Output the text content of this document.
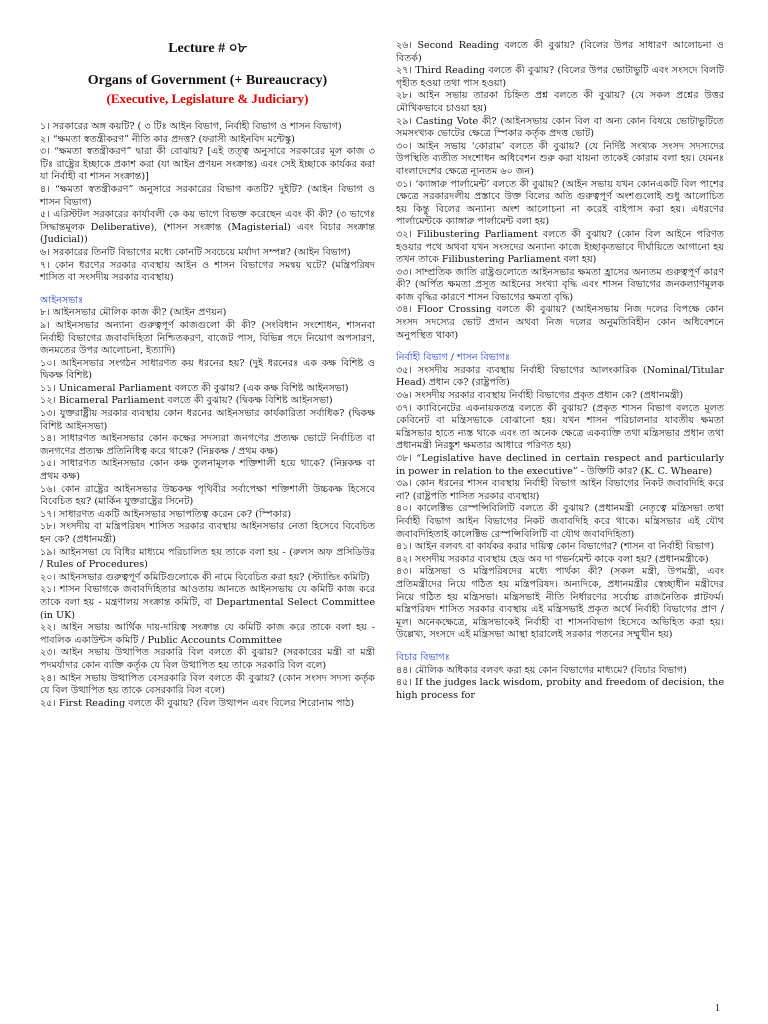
Lecture # ০৮

Organs of Government (+ Bureaucracy)

(Executive, Legislature & Judiciary)

১। সরকারের অঙ্গ কয়টি? ( ৩ টিঃ আইন বিভাগ, নির্বাহী বিভাগ ও শাসন বিভাগ)

২। “ক্ষমতা স্বতন্ত্রীকরণ” নীতি কার প্রদত্ত? (ফরাসী আইনবিদ মন্টেস্কু)

৩। “ক্ষমতা স্বতন্ত্রীকরণ” দ্বারা কী বোঝায়? [এই তত্ত্ব অনুসারে সরকারের মূল কাজ ৩ টিঃ রাষ্ট্রের ইচ্ছাকে প্রকাশ করা (যা আইন প্রণয়ন সংক্রান্ত) এবং সেই ইচ্ছাকে কার্যকর করা যা নির্বাহী বা শাসন সংক্রান্ত)]

৪। “ক্ষমতা স্বতন্ত্রীকরণ” অনুসারে সরকারের বিভাগ কতটি? দুইটি? (আইন বিভাগ ও শাসন বিভাগ)

৫। এরিস্টটল সরকারের কার্যাবলী কে কয় ভাগে বিভক্ত করেছেন এবং কী কী? (৩ ভাগেঃ সিদ্ধান্তমূলক Deliberative), (শাসন সংক্রান্ত (Magisterial) এবং বিচার সংক্রান্ত (Judicial))

৬। সরকারের তিনটি বিভাগের মধ্যে কোনটি সবচেয়ে মর্যাদা সম্পন্ন? (আইন বিভাগ)

৭। কোন ধরণের সরকার ব্যবস্থায় আইন ও শাসন বিভাগের সমন্বয় ঘটে? (মন্ত্রিপরিষদ শাসিত বা সংসদীয় সরকার ব্যবস্থায়)

আইনসভাঃ

৮। আইনসভার মৌলিক কাজ কী? (আইন প্রণয়ন)

৯। আইনসভার অন্যান্য গুরুত্বপূর্ণ কাজগুলো কী কী? (সংবিধান সংশোধন, শাসনবা নির্বাহী বিভাগের জবাবদিহিতা নিশ্চিতকরণ, বাজেট পাস, বিভিন্ন পদে নিয়োগ অপসারণ, জনমতের উপর আলোচনা, ইত্যাদি)

১০। আইনসভার সংগঠন সাধারণত কয় ধরনের হয়? (দুই ধরনেরঃ এক কক্ষ বিশিষ্ট ও দ্বিকক্ষ বিশিষ্ট)

১১। Unicameral Parliament বলতে কী বুঝায়? (এক কক্ষ বিশিষ্ট আইনসভা)

১২। Bicameral Parliament বলতে কী বুঝায়? (দ্বিকক্ষ বিশিষ্ট আইনসভা)

১৩। যুক্তরাষ্ট্রীয় সরকার ব্যবস্থায় কোন ধরনের আইনসভার কার্যকারিতা সর্বাধিক? (দ্বিকক্ষ বিশিষ্ট আইনসভা)

১৪। সাধারণত আইনসভার কোন কক্ষের সদস্যরা জনগণের প্রত্যক্ষ ভোটে নির্বাচিত বা জনগণের প্রত্যক্ষ প্রতিনিধিত্ব করে থাকে? (নিম্নকক্ষ / প্রথম কক্ষ)

১৫। সাধারণত আইনসভার কোন কক্ষ তুলনামূলক শক্তিশালী হয়ে থাকে? (নিম্নকক্ষ বা প্রথম কক্ষ)

১৬। কোন রাষ্ট্রের আইনসভার উচ্চকক্ষ পৃথিবীর সর্বাপেক্ষা শক্তিশালী উচ্চকক্ষ হিসেবে বিবেচিত হয়? (মার্কিন যুক্তরাষ্ট্রের সিনেট)

১৭। সাধারণত একটি আইনসভার সভাপতিত্ব করেন কে? (স্পিকার)

১৮। সংসদীয় বা মন্ত্রিপরিষদ শাসিত সরকার ব্যবস্থায় আইনসভার নেতা হিসেবে বিবেচিত হন কে? (প্রধানমন্ত্রী)

১৯। আইনসভা যে বিধির মাধ্যমে পরিচালিত হয় তাকে বলা হয় - (রুলস অফ প্রসিডিউর / Rules of Procedures)

২০। আইনসভার গুরুত্বপূর্ণ কমিটিগুলোকে কী নামে বিবেচিত করা হয়? (স্ট্যান্ডিং কমিটি)

২১। শাসন বিভাগকে জবাবদিহিতার আওতায় আনতে আইনসভায় যে কমিটি কাজ করে তাকে বলা হয় - মন্ত্রণালয় সংক্রান্ত কমিটি, বা Departmental Select Committee (in UK)

২২। আইন সভায় আর্থিক দায়-দায়িত্ব সংক্রান্ত যে কমিটি কাজ করে তাকে বলা হয় - পাবলিক একাউন্টস কমিটি / Public Accounts Committee

২৩। আইন সভায় উত্থাপিত সরকারি বিল বলতে কী বুঝায়? (সরকারের মন্ত্রী বা মন্ত্রী পদমর্যাদার কোন ব্যক্তি কর্তৃক যে বিল উত্থাপিত হয় তাকে সরকারি বিল বলে)

২৪। আইন সভায় উত্থাপিত বেসরকারি বিল বলতে কী বুঝায়? (কোন সংসদ সদস্য কর্তৃক যে বিল উত্থাপিত হয় তাকে বেসরকারি বিল বলে)

২৫। First Reading বলতে কী বুঝায়? (বিল উত্থাপন এবং বিলের শিরোনাম পাঠ)

২৬। Second Reading বলতে কী বুঝায়? (বিলের উপর সাধারণ আলোচনা ও বিতর্ক)

২৭। Third Reading বলতে কী বুঝায়? (বিলের উপর ভোটাভুটি এবং সংসদে বিলটি গৃহীত হওয়া তথা পাস হওয়া)

২৮। আইন সভায় তারকা চিহ্নিত প্রশ্ন বলতে কী বুঝায়? (যে সকল প্রশ্নের উত্তর মৌখিকভাবে চাওয়া হয়)

২৯। Casting Vote কী? (আইনসভায় কোন বিল বা অন্য কোন বিষয়ে ভোটাভুটিতে সমসংখ্যক ভোটের ক্ষেত্রে স্পিকার কর্তৃক প্রদত্ত ভোট)

৩০। আইন সভায় ‘কোরাম’ বলতে কী বুঝায়? (যে নির্দিষ্ট সংখ্যক সংসদ সদস্যদের উপস্থিতি ব্যতীত সংশোধন অধিবেশন শুরু করা যায়না তাকেই কোরাম বলা হয়। যেমনঃ বাংলাদেশের ক্ষেত্রে ন্যূনতম ৬০ জন)

৩১। ‘ক্যাঙ্গারু পার্লামেন্ট’ বলতে কী বুঝায়? (আইন সভায় যখন কোনএকটি বিল পাশের ক্ষেত্রে সরকারদলীয় প্রস্তাবে উক্ত বিলের অতি গুরুত্বপূর্ণ অংশগুলোই শুধু আলোচিত হয় কিন্তু বিলের অন্যান্য অংশ আলোচনা না করেই বাইপাস করা হয়। এধরণের পার্লামেন্টকে ক্যাঙ্গারু পার্লামেন্ট বলা হয়)

৩২। Filibustering Parliament বলতে কী বুঝায়? (কোন বিল আইনে পরিণত হওয়ার পথে অথবা যখন সংসদের অন্যান্য কাজে ইচ্ছাকৃতভাবে দীর্ঘায়িতে আগানো হয় তখন তাকে Filibustering Parliament বলা হয়)

৩৩। সাম্প্রতিক জাতি রাষ্ট্রগুলোতে আইনসভার ক্ষমতা হ্রাসের অন্যতম গুরুত্বপূর্ণ কারণ কী? (অর্পিত ক্ষমতা প্রসূত আইনের সংখ্যা বৃদ্ধি এবং শাসন বিভাগের জনকল্যাণমূলক কাজ বৃদ্ধির কারণে শাসন বিভাগের ক্ষমতা বৃদ্ধি)

৩৪। Floor Crossing বলতে কী বুঝায়? (আইনসভায় নিজ দলের বিপক্ষে কোন সংসদ সদস্যের ভোট প্রদান অথবা নিজ দলের অনুমতিবিহীন কোন অধিবেশনে অনুপস্থিত থাকা)

নির্বাহী বিভাগ / শাসন বিভাগঃ

৩৫। সংসদীয় সরকার ব্যবস্থায় নির্বাহী বিভাগের আলংকারিক (Nominal/Titular Head) প্রধান কে? (রাষ্ট্রপতি)

৩৬। সংসদীয় সরকার ব্যবস্থায় নির্বাহী বিভাগের প্রকৃত প্রধান কে? (প্রধানমন্ত্রী)

৩৭। ক্যাবিনেটের একনায়কতন্ত্র বলতে কী বুঝায়? (প্রকৃত শাসন বিভাগ বলতে মূলত কেবিনেট বা মন্ত্রিসভাকে বোঝানো হয়। যখন শাসন পরিচালনার যাবতীয় ক্ষমতা মন্ত্রিসভার হাতে ন্যস্ত থাকে এবং তা অনেক ক্ষেত্রে একব্যক্তি তথা মন্ত্রিসভার প্রধান তথা প্রধানমন্ত্রী নিরঙ্কুশ ক্ষমতার আধারে পরিণত হয়)

৩৮। “Legislative have declined in certain respect and particularly in power in relation to the executive” - উক্তিটি কার? (K. C. Wheare)

৩৯। কোন ধরনের শাসন ব্যবস্থায় নির্বাহী বিভাগ আইন বিভাগের নিকট জবাবদিহি করে না? (রাষ্ট্রপতি শাসিত সরকার ব্যবস্থায়)

৪০। কালেক্টিভ রেস্পন্সিবিলিটি বলতে কী বুঝায়? (প্রধানমন্ত্রী নেতৃত্বে মন্ত্রিসভা তথা নির্বাহী বিভাগ আইন বিভাগের নিকট জবাবদিহি করে থাকে। মন্ত্রিসভার এই যৌথ জবাবদিহিতাই কালেক্টিভ রেস্পন্সিবিলিটি বা যৌথ জবাবদিহিতা)

৪১। আইন বলবৎ বা কার্যকর করার দায়িত্ব কোন বিভাগের? (শাসন বা নির্বাহী বিভাগ)

৪২। সংসদীয় সরকার ব্যবস্থায় হেড অব দা গভর্নমেন্ট কাকে বলা হয়? (প্রধানমন্ত্রীকে)

৪৩। মন্ত্রিসভা ও মন্ত্রিপরিষদের মধ্যে পার্থক্য কী? (সকল মন্ত্রী, উপমন্ত্রী, এবং প্রতিমন্ত্রীদের নিয়ে গঠিত হয় মন্ত্রিপরিষদ। অন্যদিকে, প্রধানমন্ত্রীর স্বেচ্ছাধীন মন্ত্রীদের নিয়ে গঠিত হয় মন্ত্রিসভা। মন্ত্রিসভাই নীতি নির্ধারণের সর্বোচ্চ রাজনৈতিক প্লাটফর্ম। মন্ত্রিপরিষদ শাসিত সরকার ব্যবস্থায় এই মন্ত্রিসভাই প্রকৃত অর্থে নির্বাহী বিভাগের প্রাণ / মূল। অনেকক্ষেত্রে, মন্ত্রিসভাকেই নির্বাহী বা শাসনবিভাগ হিসেবে অভিহিত করা হয়। উল্লেখ্য, সংসদে এই মন্ত্রিসভা আস্থা হারালেই সরকার পতনের সম্মুখীন হয়)

বিচার বিভাগঃ

৪৪। মৌলিক অধিকার বলবৎ করা হয় কোন বিভাগের মাধ্যমে? (বিচার বিভাগ)

৪৫। If the judges lack wisdom, probity and freedom of decision, the high process for

1
